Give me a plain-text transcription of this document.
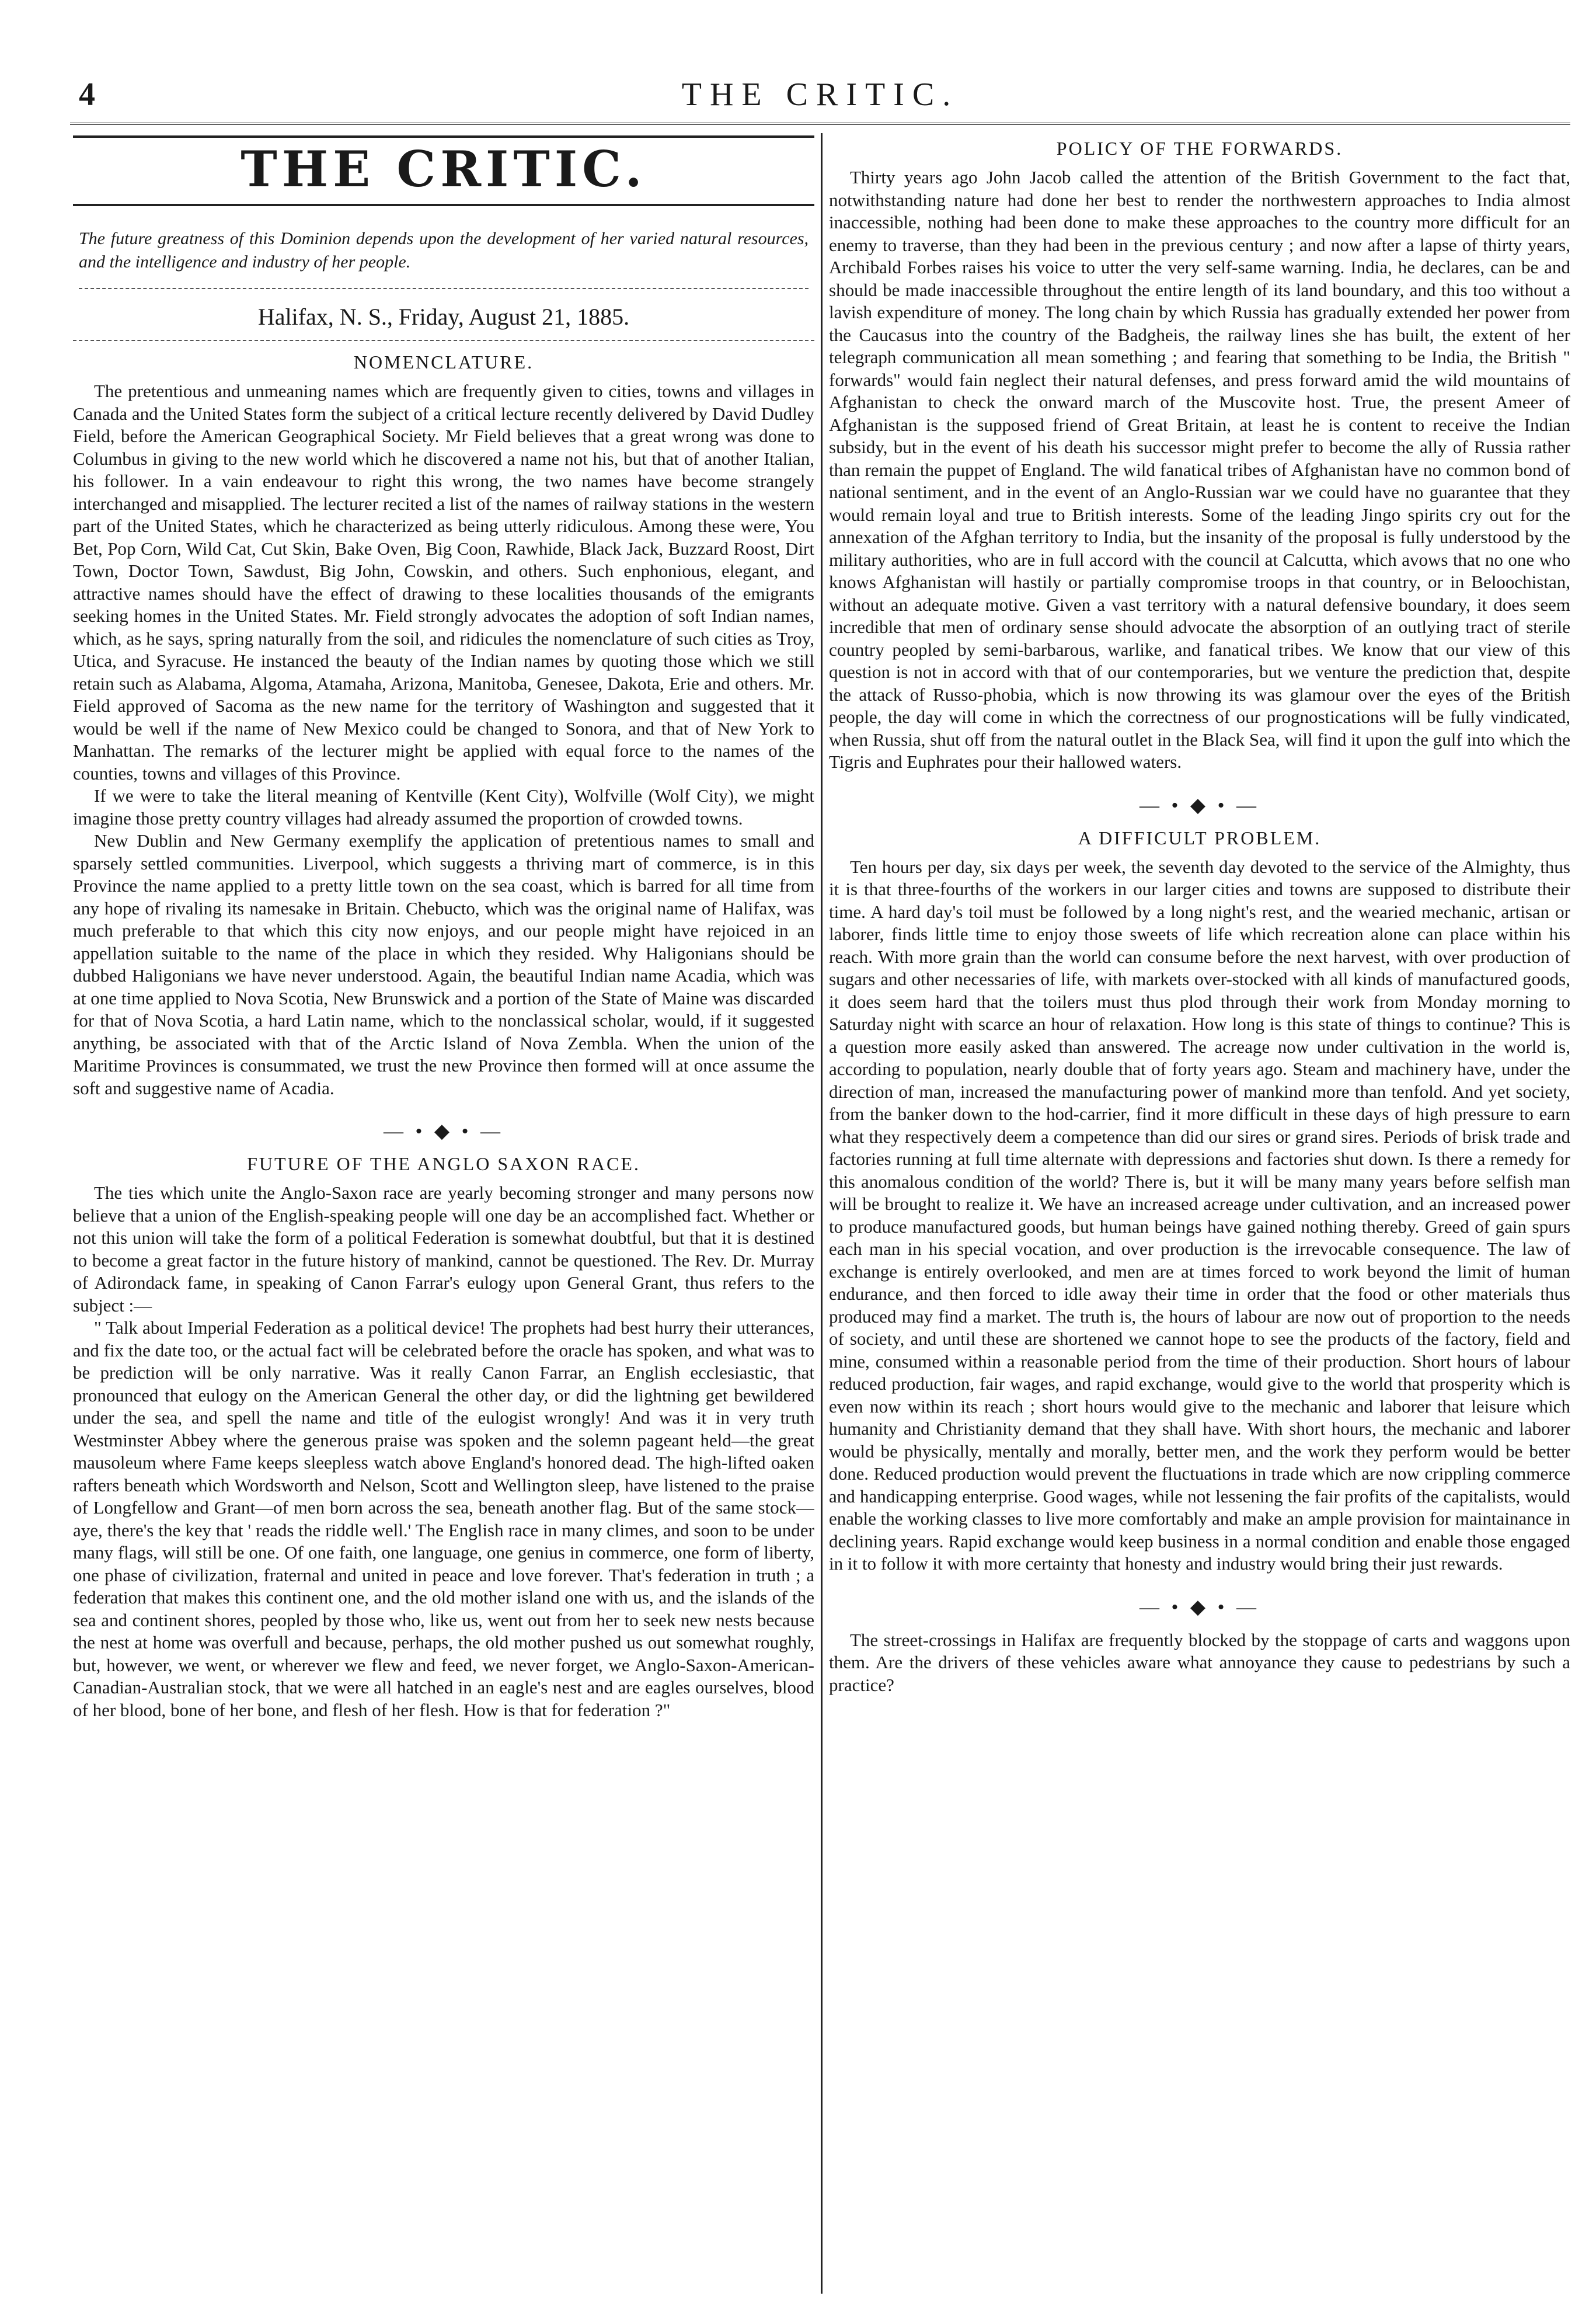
4	THE CRITIC.
THE CRITIC.

The future greatness of this Dominion depends upon the development of her varied natural resources, and the intelligence and industry of her people.

Halifax, N. S., Friday, August 21, 1885.
NOMENCLATURE.

The pretentious and unmeaning names which are frequently given to cities, towns and villages in Canada and the United States form the subject of a critical lecture recently delivered by David Dudley Field, before the American Geographical Society. Mr Field believes that a great wrong was done to Columbus in giving to the new world which he discovered a name not his, but that of another Italian, his follower. In a vain endeavour to right this wrong, the two names have become strangely interchanged and misapplied. The lecturer recited a list of the names of railway stations in the western part of the United States, which he characterized as being utterly ridiculous. Among these were, You Bet, Pop Corn, Wild Cat, Cut Skin, Bake Oven, Big Coon, Rawhide, Black Jack, Buzzard Roost, Dirt Town, Doctor Town, Sawdust, Big John, Cowskin, and others. Such enphonious, elegant, and attractive names should have the effect of drawing to these localities thousands of the emigrants seeking homes in the United States. Mr. Field strongly advocates the adoption of soft Indian names, which, as he says, spring naturally from the soil, and ridicules the nomenclature of such cities as Troy, Utica, and Syracuse. He instanced the beauty of the Indian names by quoting those which we still retain such as Alabama, Algoma, Atamaha, Arizona, Manitoba, Genesee, Dakota, Erie and others. Mr. Field approved of Sacoma as the new name for the territory of Washington and suggested that it would be well if the name of New Mexico could be changed to Sonora, and that of New York to Manhattan. The remarks of the lecturer might be applied with equal force to the names of the counties, towns and villages of this Province.

If we were to take the literal meaning of Kentville (Kent City), Wolfville (Wolf City), we might imagine those pretty country villages had already assumed the proportion of crowded towns.

New Dublin and New Germany exemplify the application of pretentious names to small and sparsely settled communities. Liverpool, which suggests a thriving mart of commerce, is in this Province the name applied to a pretty little town on the sea coast, which is barred for all time from any hope of rivaling its namesake in Britain. Chebucto, which was the original name of Halifax, was much preferable to that which this city now enjoys, and our people might have rejoiced in an appellation suitable to the name of the place in which they resided. Why Haligonians should be dubbed Haligonians we have never understood. Again, the beautiful Indian name Acadia, which was at one time applied to Nova Scotia, New Brunswick and a portion of the State of Maine was discarded for that of Nova Scotia, a hard Latin name, which to the nonclassical scholar, would, if it suggested anything, be associated with that of the Arctic Island of Nova Zembla. When the union of the Maritime Provinces is consummated, we trust the new Province then formed will at once assume the soft and suggestive name of Acadia.

— • ◆ • —
FUTURE OF THE ANGLO SAXON RACE.

The ties which unite the Anglo-Saxon race are yearly becoming stronger and many persons now believe that a union of the English-speaking people will one day be an accomplished fact. Whether or not this union will take the form of a political Federation is somewhat doubtful, but that it is destined to become a great factor in the future history of mankind, cannot be questioned. The Rev. Dr. Murray of Adirondack fame, in speaking of Canon Farrar's eulogy upon General Grant, thus refers to the subject :—

" Talk about Imperial Federation as a political device! The prophets had best hurry their utterances, and fix the date too, or the actual fact will be celebrated before the oracle has spoken, and what was to be prediction will be only narrative. Was it really Canon Farrar, an English ecclesiastic, that pronounced that eulogy on the American General the other day, or did the lightning get bewildered under the sea, and spell the name and title of the eulogist wrongly! And was it in very truth Westminster Abbey where the generous praise was spoken and the solemn pageant held—the great mausoleum where Fame keeps sleepless watch above England's honored dead. The high-lifted oaken rafters beneath which Wordsworth and Nelson, Scott and Wellington sleep, have listened to the praise of Longfellow and Grant—of men born across the sea, beneath another flag. But of the same stock—aye, there's the key that ' reads the riddle well.' The English race in many climes, and soon to be under many flags, will still be one. Of one faith, one language, one genius in commerce, one form of liberty, one phase of civilization, fraternal and united in peace and love forever. That's federation in truth ; a federation that makes this continent one, and the old mother island one with us, and the islands of the sea and continent shores, peopled by those who, like us, went out from her to seek new nests because the nest at home was overfull and because, perhaps, the old mother pushed us out somewhat roughly, but, however, we went, or wherever we flew and feed, we never forget, we Anglo-Saxon-American-Canadian-Australian stock, that we were all hatched in an eagle's nest and are eagles ourselves, blood of her blood, bone of her bone, and flesh of her flesh. How is that for federation ?"

POLICY OF THE FORWARDS.

Thirty years ago John Jacob called the attention of the British Government to the fact that, notwithstanding nature had done her best to render the northwestern approaches to India almost inaccessible, nothing had been done to make these approaches to the country more difficult for an enemy to traverse, than they had been in the previous century ; and now after a lapse of thirty years, Archibald Forbes raises his voice to utter the very self-same warning. India, he declares, can be and should be made inaccessible throughout the entire length of its land boundary, and this too without a lavish expenditure of money. The long chain by which Russia has gradually extended her power from the Caucasus into the country of the Badgheis, the railway lines she has built, the extent of her telegraph communication all mean something ; and fearing that something to be India, the British " forwards" would fain neglect their natural defenses, and press forward amid the wild mountains of Afghanistan to check the onward march of the Muscovite host. True, the present Ameer of Afghanistan is the supposed friend of Great Britain, at least he is content to receive the Indian subsidy, but in the event of his death his successor might prefer to become the ally of Russia rather than remain the puppet of England. The wild fanatical tribes of Afghanistan have no common bond of national sentiment, and in the event of an Anglo-Russian war we could have no guarantee that they would remain loyal and true to British interests. Some of the leading Jingo spirits cry out for the annexation of the Afghan territory to India, but the insanity of the proposal is fully understood by the military authorities, who are in full accord with the council at Calcutta, which avows that no one who knows Afghanistan will hastily or partially compromise troops in that country, or in Beloochistan, without an adequate motive. Given a vast territory with a natural defensive boundary, it does seem incredible that men of ordinary sense should advocate the absorption of an outlying tract of sterile country peopled by semi-barbarous, warlike, and fanatical tribes. We know that our view of this question is not in accord with that of our contemporaries, but we venture the prediction that, despite the attack of Russo-phobia, which is now throwing its was glamour over the eyes of the British people, the day will come in which the correctness of our prognostications will be fully vindicated, when Russia, shut off from the natural outlet in the Black Sea, will find it upon the gulf into which the Tigris and Euphrates pour their hallowed waters.

— • ◆ • —
A DIFFICULT PROBLEM.

Ten hours per day, six days per week, the seventh day devoted to the service of the Almighty, thus it is that three-fourths of the workers in our larger cities and towns are supposed to distribute their time. A hard day's toil must be followed by a long night's rest, and the wearied mechanic, artisan or laborer, finds little time to enjoy those sweets of life which recreation alone can place within his reach. With more grain than the world can consume before the next harvest, with over production of sugars and other necessaries of life, with markets over-stocked with all kinds of manufactured goods, it does seem hard that the toilers must thus plod through their work from Monday morning to Saturday night with scarce an hour of relaxation. How long is this state of things to continue? This is a question more easily asked than answered. The acreage now under cultivation in the world is, according to population, nearly double that of forty years ago. Steam and machinery have, under the direction of man, increased the manufacturing power of mankind more than tenfold. And yet society, from the banker down to the hod-carrier, find it more difficult in these days of high pressure to earn what they respectively deem a competence than did our sires or grand sires. Periods of brisk trade and factories running at full time alternate with depressions and factories shut down. Is there a remedy for this anomalous condition of the world? There is, but it will be many many years before selfish man will be brought to realize it. We have an increased acreage under cultivation, and an increased power to produce manufactured goods, but human beings have gained nothing thereby. Greed of gain spurs each man in his special vocation, and over production is the irrevocable consequence. The law of exchange is entirely overlooked, and men are at times forced to work beyond the limit of human endurance, and then forced to idle away their time in order that the food or other materials thus produced may find a market. The truth is, the hours of labour are now out of proportion to the needs of society, and until these are shortened we cannot hope to see the products of the factory, field and mine, consumed within a reasonable period from the time of their production. Short hours of labour reduced production, fair wages, and rapid exchange, would give to the world that prosperity which is even now within its reach ; short hours would give to the mechanic and laborer that leisure which humanity and Christianity demand that they shall have. With short hours, the mechanic and laborer would be physically, mentally and morally, better men, and the work they perform would be better done. Reduced production would prevent the fluctuations in trade which are now crippling commerce and handicapping enterprise. Good wages, while not lessening the fair profits of the capitalists, would enable the working classes to live more comfortably and make an ample provision for maintainance in declining years. Rapid exchange would keep business in a normal condition and enable those engaged in it to follow it with more certainty that honesty and industry would bring their just rewards.

— • ◆ • —

The street-crossings in Halifax are frequently blocked by the stoppage of carts and waggons upon them. Are the drivers of these vehicles aware what annoyance they cause to pedestrians by such a practice?
